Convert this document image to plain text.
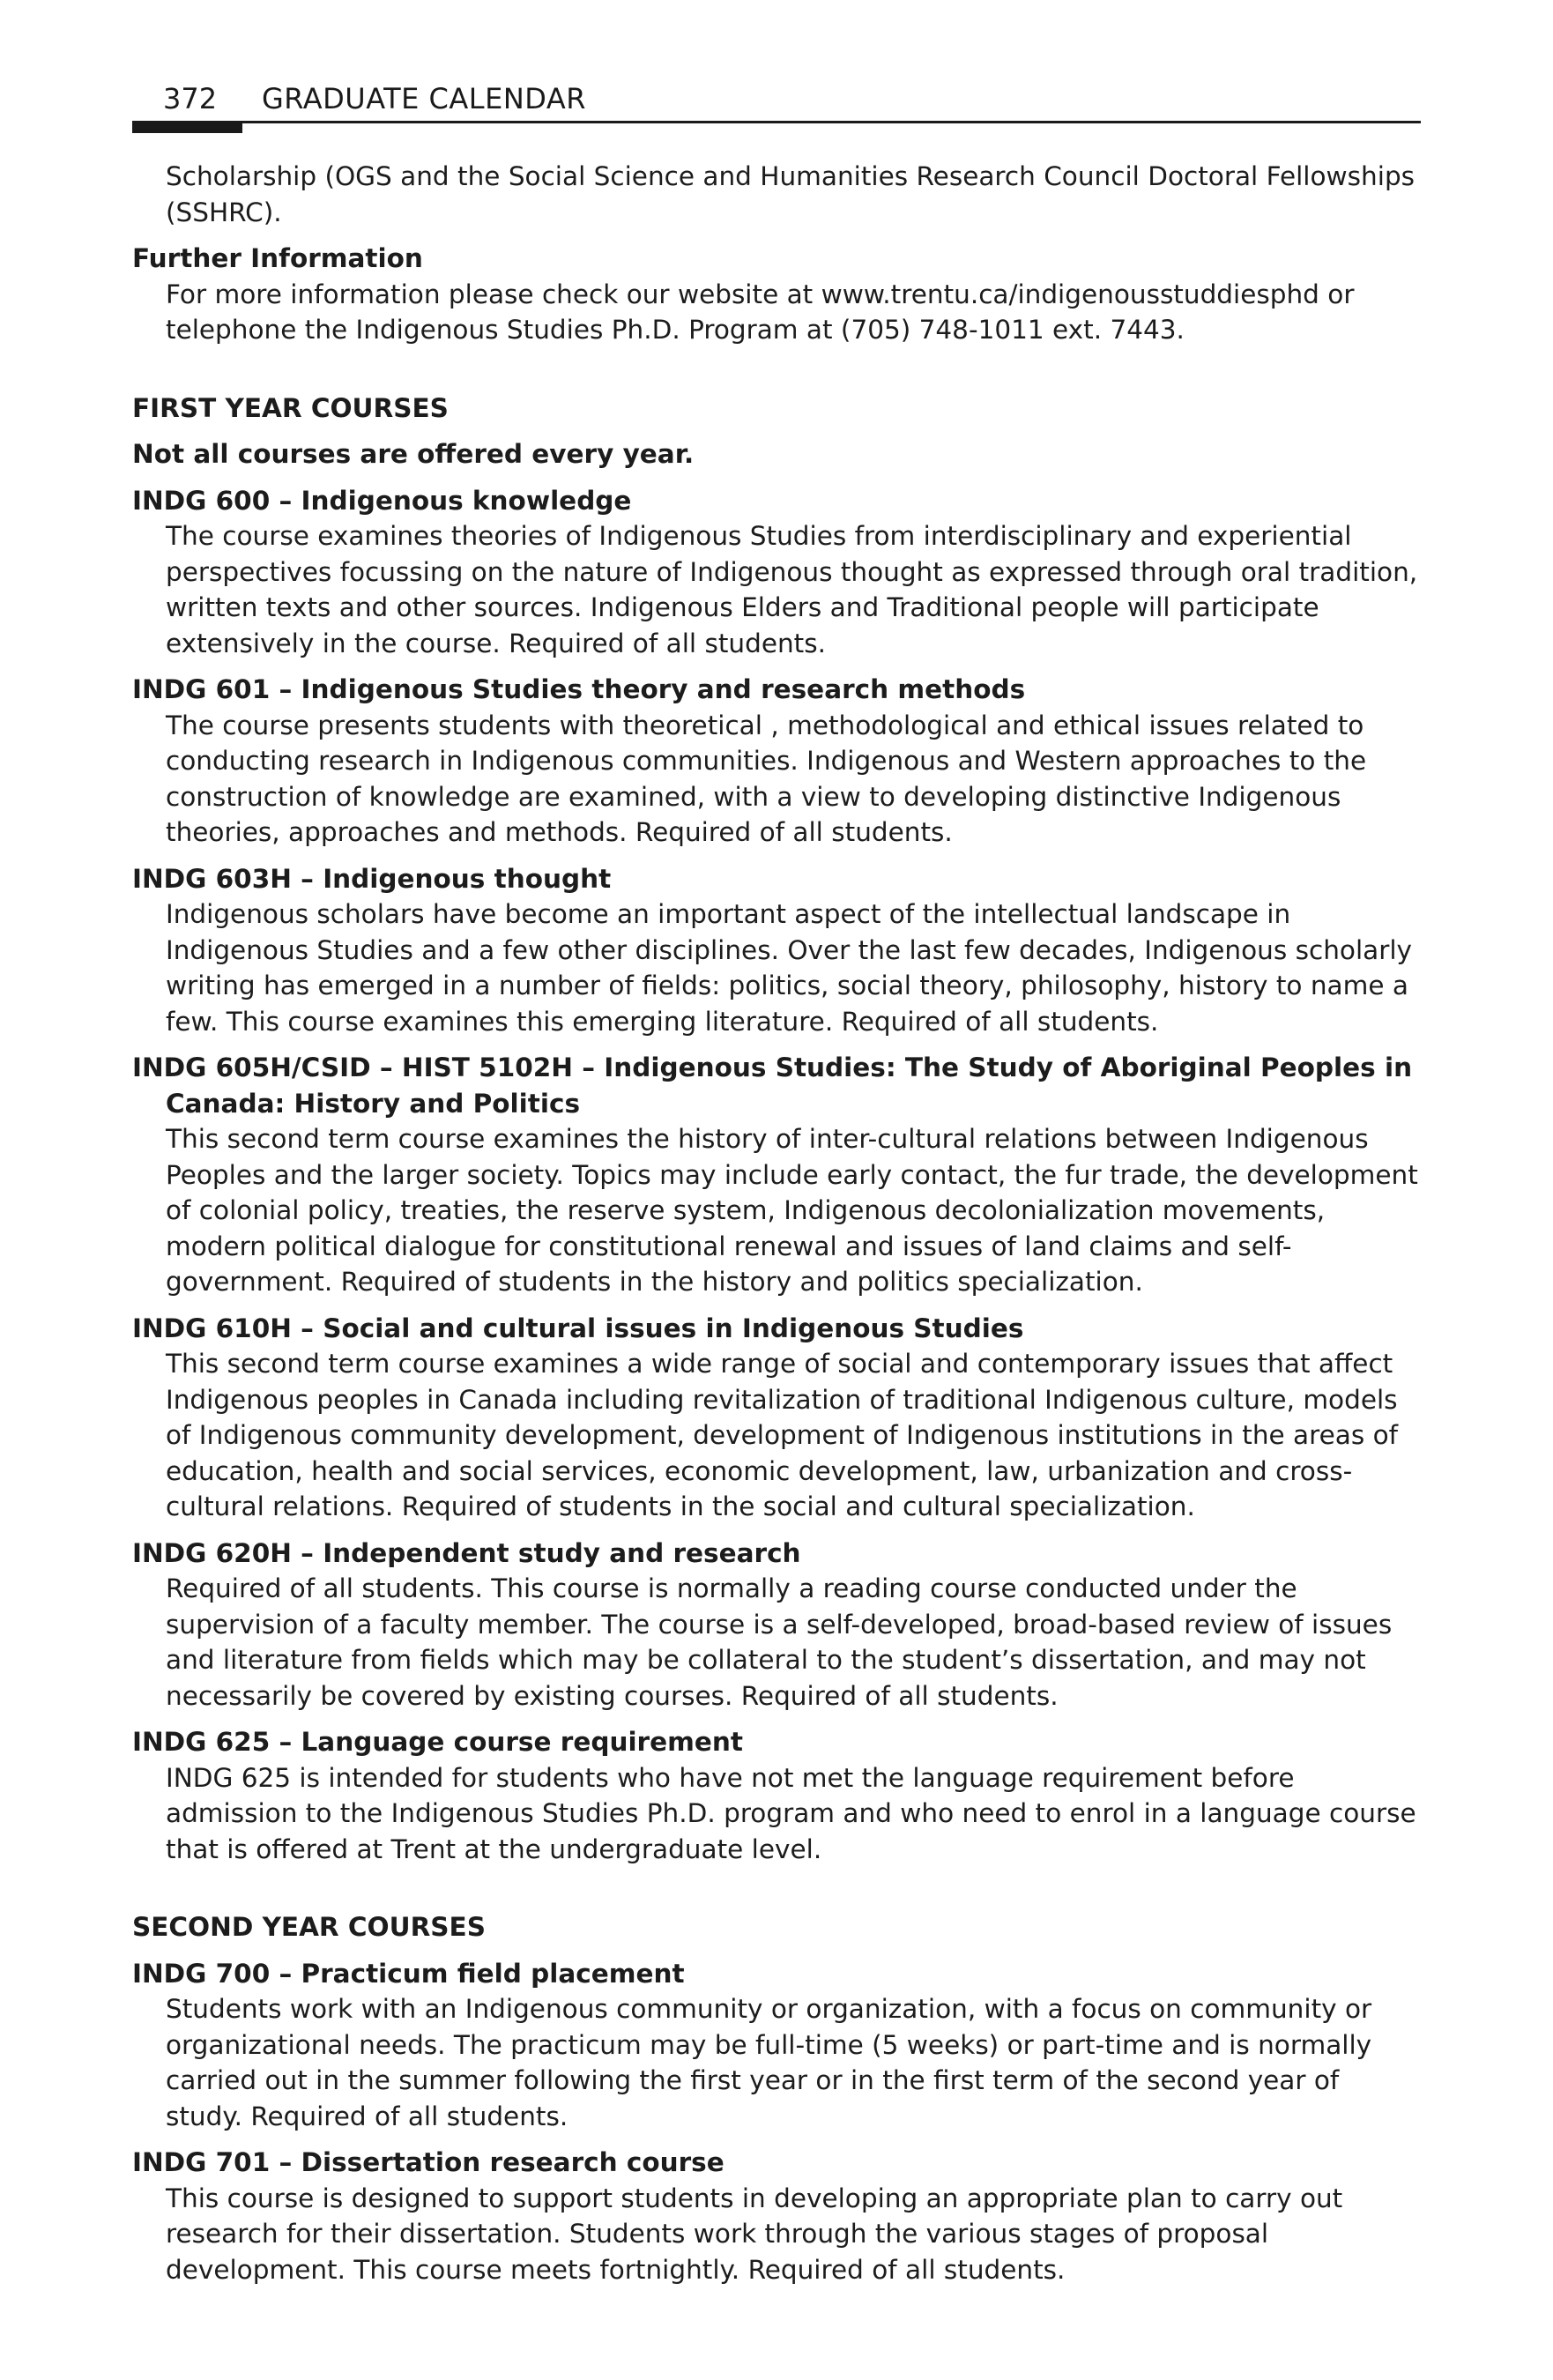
372 GRADUATE CALENDAR

Scholarship (OGS and the Social Science and Humanities Research Council Doctoral Fellowships (SSHRC).

Further Information

For more information please check our website at www.trentu.ca/indigenousstuddiesphd or telephone the Indigenous Studies Ph.D. Program at (705) 748-1011 ext. 7443.

FIRST YEAR COURSES

Not all courses are offered every year.

INDG 600 – Indigenous knowledge

The course examines theories of Indigenous Studies from interdisciplinary and experiential perspectives focussing on the nature of Indigenous thought as expressed through oral tradition, written texts and other sources. Indigenous Elders and Traditional people will participate extensively in the course. Required of all students.

INDG 601 – Indigenous Studies theory and research methods

The course presents students with theoretical , methodological and ethical issues related to conducting research in Indigenous communities. Indigenous and Western approaches to the construction of knowledge are examined, with a view to developing distinctive Indigenous theories, approaches and methods. Required of all students.

INDG 603H – Indigenous thought

Indigenous scholars have become an important aspect of the intellectual landscape in Indigenous Studies and a few other disciplines. Over the last few decades, Indigenous scholarly writing has emerged in a number of fields: politics, social theory, philosophy, history to name a few. This course examines this emerging literature. Required of all students.

INDG 605H/CSID – HIST 5102H – Indigenous Studies: The Study of Aboriginal Peoples in Canada: History and Politics

This second term course examines the history of inter-cultural relations between Indigenous Peoples and the larger society. Topics may include early contact, the fur trade, the development of colonial policy, treaties, the reserve system, Indigenous decolonialization movements, modern political dialogue for constitutional renewal and issues of land claims and self-government. Required of students in the history and politics specialization.

INDG 610H – Social and cultural issues in Indigenous Studies

This second term course examines a wide range of social and contemporary issues that affect Indigenous peoples in Canada including revitalization of traditional Indigenous culture, models of Indigenous community development, development of Indigenous institutions in the areas of education, health and social services, economic development, law, urbanization and cross-cultural relations. Required of students in the social and cultural specialization.

INDG 620H – Independent study and research

Required of all students. This course is normally a reading course conducted under the supervision of a faculty member. The course is a self-developed, broad-based review of issues and literature from fields which may be collateral to the student’s dissertation, and may not necessarily be covered by existing courses. Required of all students.

INDG 625 – Language course requirement

INDG 625 is intended for students who have not met the language requirement before admission to the Indigenous Studies Ph.D. program and who need to enrol in a language course that is offered at Trent at the undergraduate level.

SECOND YEAR COURSES

INDG 700 – Practicum field placement

Students work with an Indigenous community or organization, with a focus on community or organizational needs. The practicum may be full-time (5 weeks) or part-time and is normally carried out in the summer following the first year or in the first term of the second year of study. Required of all students.

INDG 701 – Dissertation research course

This course is designed to support students in developing an appropriate plan to carry out research for their dissertation. Students work through the various stages of proposal development. This course meets fortnightly. Required of all students.
